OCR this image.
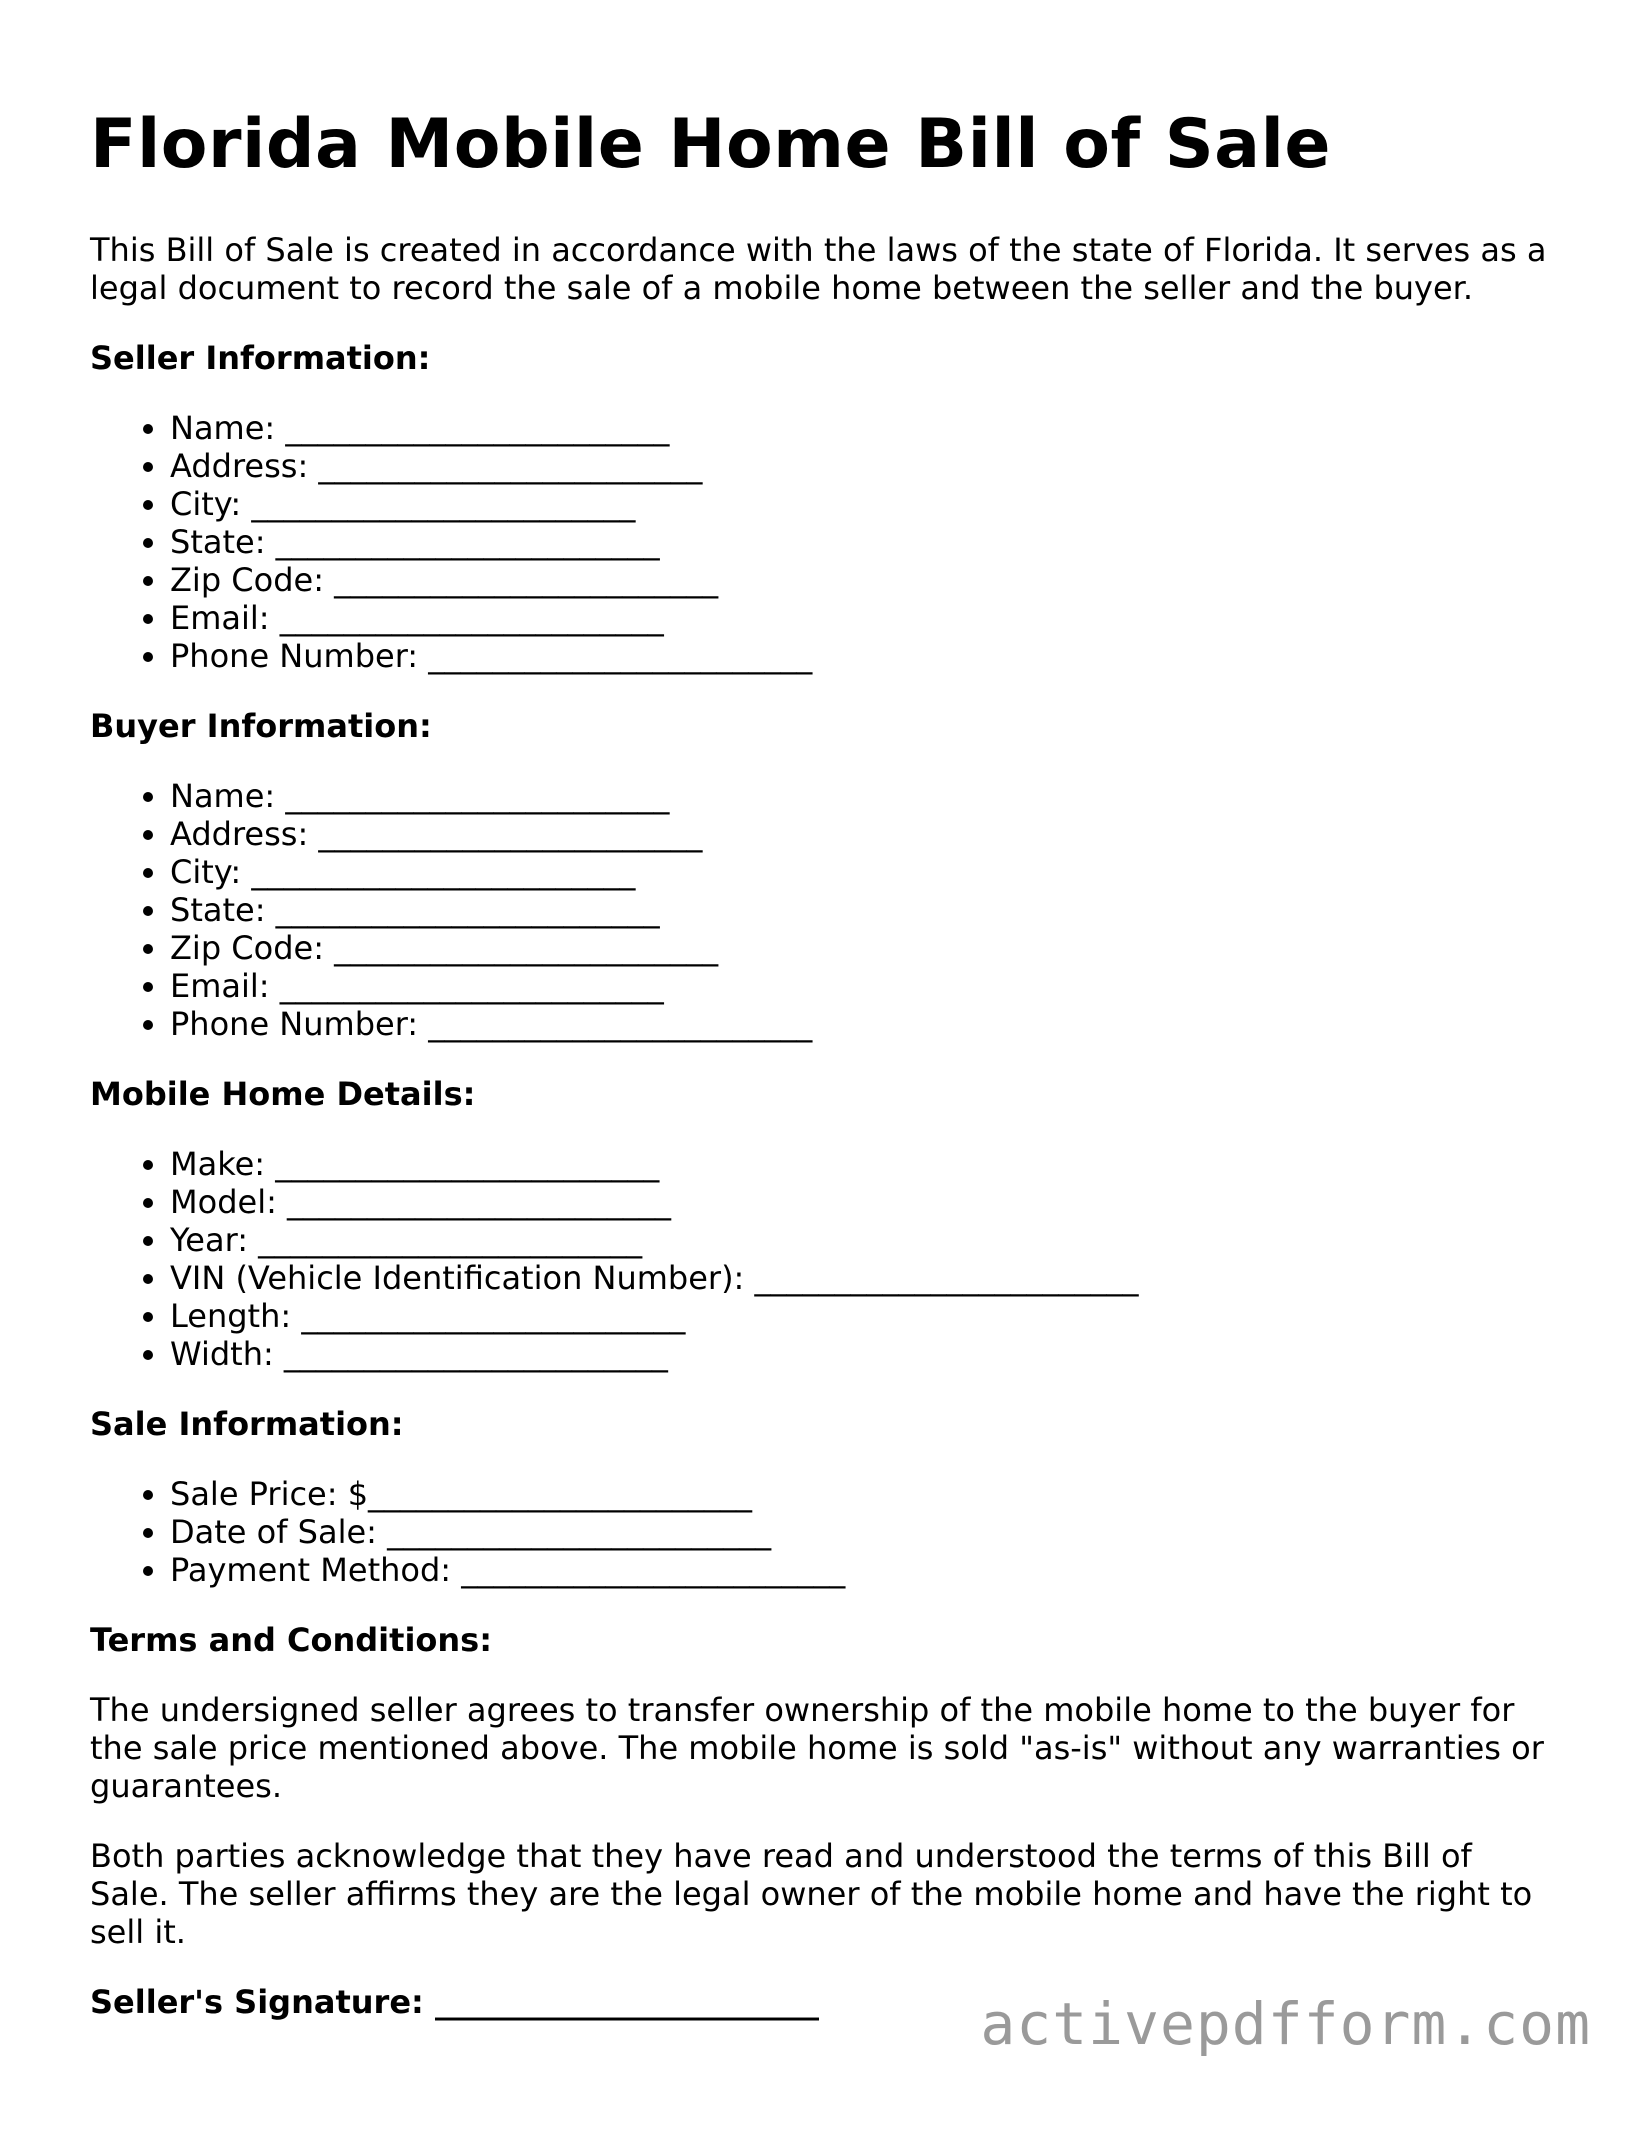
Florida Mobile Home Bill of Sale

This Bill of Sale is created in accordance with the laws of the state of Florida. It serves as a legal document to record the sale of a mobile home between the seller and the buyer.

Seller Information:
• Name: ________________________
• Address: ________________________
• City: ________________________
• State: ________________________
• Zip Code: ________________________
• Email: ________________________
• Phone Number: ________________________
Buyer Information:
• Name: ________________________
• Address: ________________________
• City: ________________________
• State: ________________________
• Zip Code: ________________________
• Email: ________________________
• Phone Number: ________________________
Mobile Home Details:
• Make: ________________________
• Model: ________________________
• Year: ________________________
• VIN (Vehicle Identification Number): ________________________
• Length: ________________________
• Width: ________________________
Sale Information:
• Sale Price: $________________________
• Date of Sale: ________________________
• Payment Method: ________________________
Terms and Conditions:

The undersigned seller agrees to transfer ownership of the mobile home to the buyer for the sale price mentioned above. The mobile home is sold "as-is" without any warranties or guarantees.

Both parties acknowledge that they have read and understood the terms of this Bill of Sale. The seller affirms they are the legal owner of the mobile home and have the right to sell it.

Seller's Signature: ________________________	activepdfform.com
